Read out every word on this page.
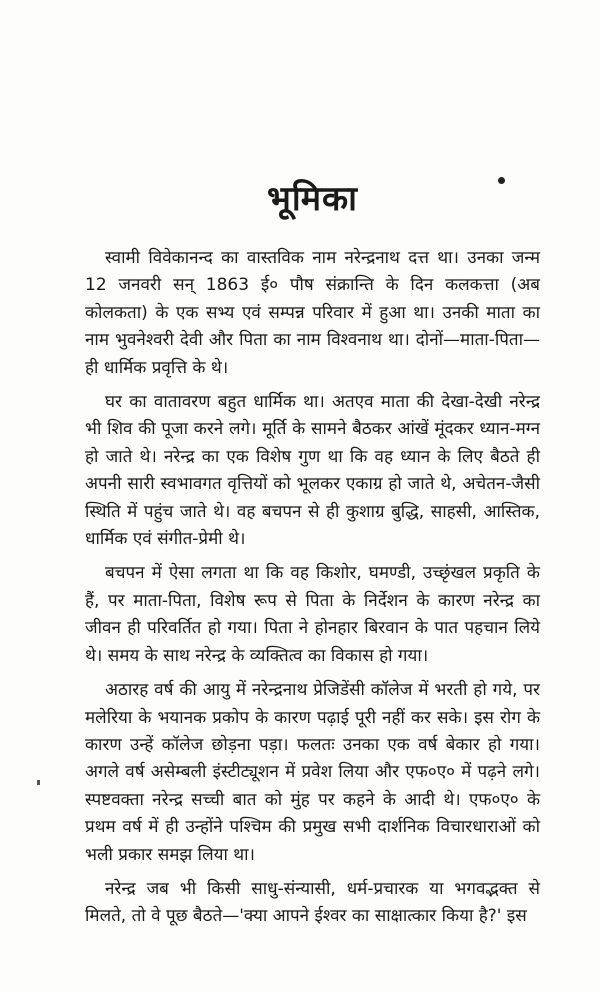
भूमिका

स्वामी विवेकानन्द का वास्तविक नाम नरेन्द्रनाथ दत्त था। उनका जन्म 12 जनवरी सन् 1863 ई० पौष संक्रान्ति के दिन कलकत्ता (अब कोलकता) के एक सभ्य एवं सम्पन्न परिवार में हुआ था। उनकी माता का नाम भुवनेश्वरी देवी और पिता का नाम विश्वनाथ था। दोनों—माता-पिता—ही धार्मिक प्रवृत्ति के थे।

घर का वातावरण बहुत धार्मिक था। अतएव माता की देखा-देखी नरेन्द्र भी शिव की पूजा करने लगे। मूर्ति के सामने बैठकर आंखें मूंदकर ध्यान-मग्न हो जाते थे। नरेन्द्र का एक विशेष गुण था कि वह ध्यान के लिए बैठते ही अपनी सारी स्वभावगत वृत्तियों को भूलकर एकाग्र हो जाते थे, अचेतन-जैसी स्थिति में पहुंच जाते थे। वह बचपन से ही कुशाग्र बुद्धि, साहसी, आस्तिक, धार्मिक एवं संगीत-प्रेमी थे।

बचपन में ऐसा लगता था कि वह किशोर, घमण्डी, उच्छृंखल प्रकृति के हैं, पर माता-पिता, विशेष रूप से पिता के निर्देशन के कारण नरेन्द्र का जीवन ही परिवर्तित हो गया। पिता ने होनहार बिरवान के पात पहचान लिये थे। समय के साथ नरेन्द्र के व्यक्तित्व का विकास हो गया।

अठारह वर्ष की आयु में नरेन्द्रनाथ प्रेजिडेंसी कॉलेज में भरती हो गये, पर मलेरिया के भयानक प्रकोप के कारण पढ़ाई पूरी नहीं कर सके। इस रोग के कारण उन्हें कॉलेज छोड़ना पड़ा। फलतः उनका एक वर्ष बेकार हो गया। अगले वर्ष असेम्बली इंस्टीट्यूशन में प्रवेश लिया और एफ०ए० में पढ़ने लगे। स्पष्टवक्ता नरेन्द्र सच्ची बात को मुंह पर कहने के आदी थे। एफ०ए० के प्रथम वर्ष में ही उन्होंने पश्चिम की प्रमुख सभी दार्शनिक विचारधाराओं को भली प्रकार समझ लिया था।

नरेन्द्र जब भी किसी साधु-संन्यासी, धर्म-प्रचारक या भगवद्भक्त से मिलते, तो वे पूछ बैठते—'क्या आपने ईश्वर का साक्षात्कार किया है?' इस
